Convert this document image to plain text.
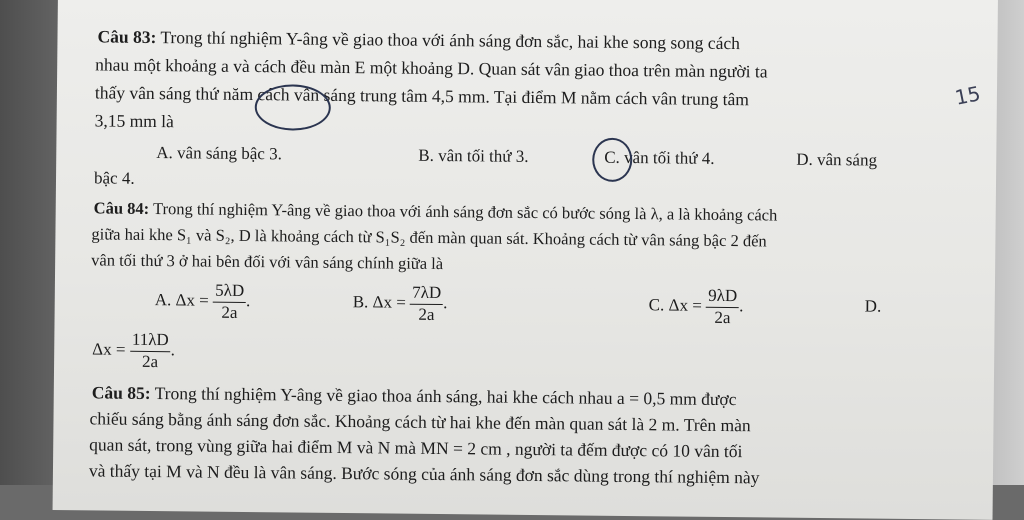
Câu 83: Trong thí nghiệm Y-âng về giao thoa với ánh sáng đơn sắc, hai khe song song cách
nhau một khoảng a và cách đều màn E một khoảng D. Quan sát vân giao thoa trên màn người ta
thấy vân sáng thứ năm cách vân sáng trung tâm 4,5 mm. Tại điểm M nằm cách vân trung tâm
3,15 mm là
A. vân sáng bậc 3.	B. vân tối thứ 3.	C. vân tối thứ 4.	D. vân sáng
bậc 4.
15
Câu 84: Trong thí nghiệm Y-âng về giao thoa với ánh sáng đơn sắc có bước sóng là λ, a là khoảng cách
giữa hai khe S₁ và S₂, D là khoảng cách từ S₁S₂ đến màn quan sát. Khoảng cách từ vân sáng bậc 2 đến
vân tối thứ 3 ở hai bên đối với vân sáng chính giữa là
A. $\Delta x = \frac{5\lambda D}{2a}$ .	B. $\Delta x = \frac{7\lambda D}{2a}$ .	C. $\Delta x = \frac{9\lambda D}{2a}$ .	D.
$\Delta x = \frac{11\lambda D}{2a}$ .
Câu 85: Trong thí nghiệm Y-âng về giao thoa ánh sáng, hai khe cách nhau a = 0,5 mm được
chiếu sáng bằng ánh sáng đơn sắc. Khoảng cách từ hai khe đến màn quan sát là 2 m. Trên màn
quan sát, trong vùng giữa hai điểm M và N mà MN = 2 cm , người ta đếm được có 10 vân tối
và thấy tại M và N đều là vân sáng. Bước sóng của ánh sáng đơn sắc dùng trong thí nghiệm này
